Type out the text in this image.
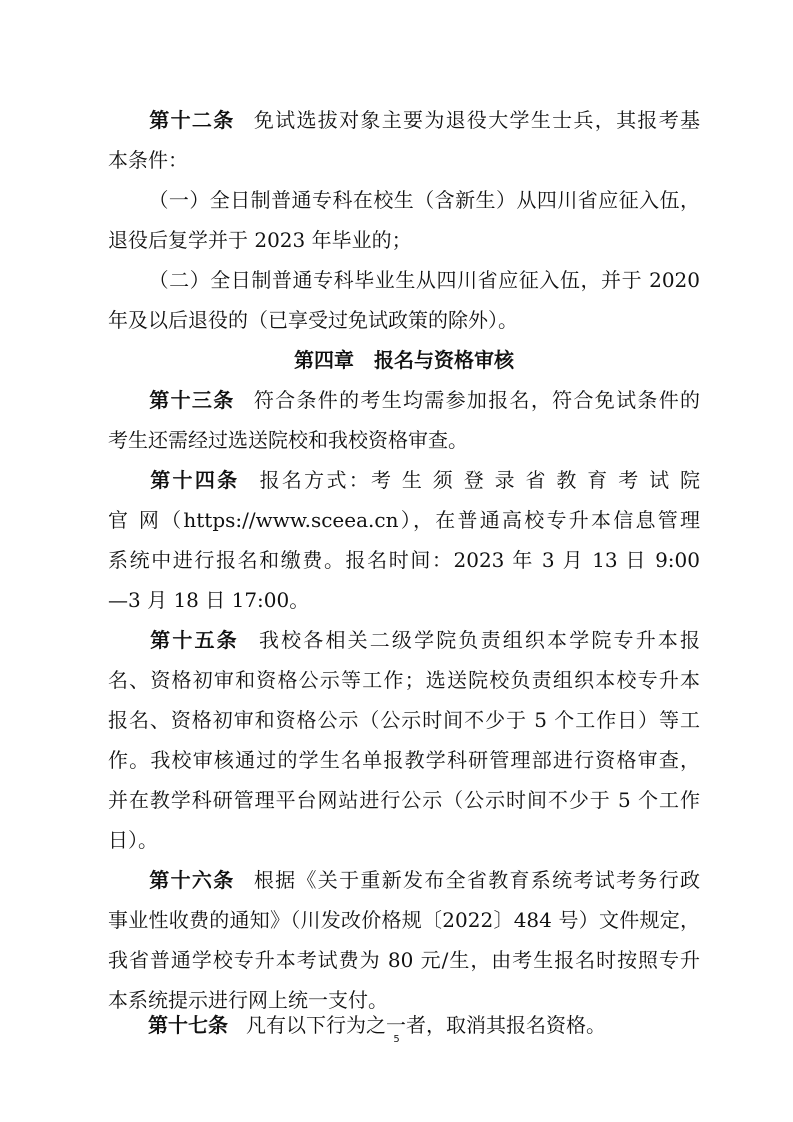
第十二条 免试选拔对象主要为退役大学生士兵，其报考基
本条件：
（一）全日制普通专科在校生（含新生）从四川省应征入伍，
退役后复学并于 2023 年毕业的；
（二）全日制普通专科毕业生从四川省应征入伍，并于 2020
年及以后退役的（已享受过免试政策的除外）。
第四章　报名与资格审核
第十三条 符合条件的考生均需参加报名，符合免试条件的
考生还需经过选送院校和我校资格审查。
第十四条 报名方式：考 生 须 登 录 省 教 育 考 试 院
官 网（https://www.sceea.cn），在普通高校专升本信息管理
系统中进行报名和缴费。报名时间：2023 年 3 月 13 日 9:00
—3 月 18 日 17:00。
第十五条 我校各相关二级学院负责组织本学院专升本报
名、资格初审和资格公示等工作；选送院校负责组织本校专升本
报名、资格初审和资格公示（公示时间不少于 5 个工作日）等工
作。我校审核通过的学生名单报教学科研管理部进行资格审查，
并在教学科研管理平台网站进行公示（公示时间不少于 5 个工作
日）。
第十六条 根据《关于重新发布全省教育系统考试考务行政
事业性收费的通知》（川发改价格规〔2022〕484 号）文件规定，
我省普通学校专升本考试费为 80 元/生，由考生报名时按照专升
本系统提示进行网上统一支付。
第十七条 凡有以下行为之一者，取消其报名资格。
5
